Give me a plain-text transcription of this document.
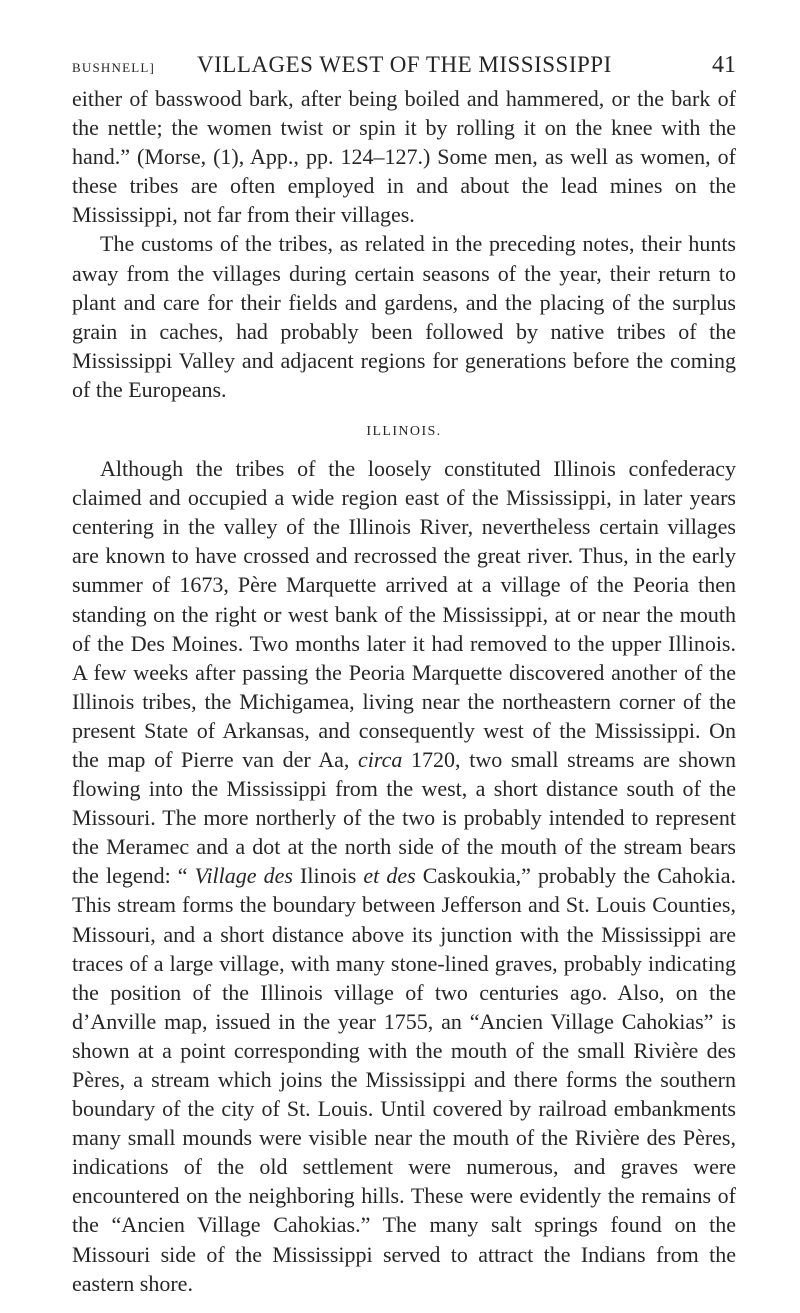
BUSHNELL] VILLAGES WEST OF THE MISSISSIPPI	41

either of basswood bark, after being boiled and hammered, or the bark of the nettle; the women twist or spin it by rolling it on the knee with the hand.” (Morse, (1), App., pp. 124–127.) Some men, as well as women, of these tribes are often employed in and about the lead mines on the Mississippi, not far from their villages.

The customs of the tribes, as related in the preceding notes, their hunts away from the villages during certain seasons of the year, their return to plant and care for their fields and gardens, and the placing of the surplus grain in caches, had probably been followed by native tribes of the Mississippi Valley and adjacent regions for generations before the coming of the Europeans.

ILLINOIS.

Although the tribes of the loosely constituted Illinois confederacy claimed and occupied a wide region east of the Mississippi, in later years centering in the valley of the Illinois River, nevertheless certain villages are known to have crossed and recrossed the great river. Thus, in the early summer of 1673, Père Marquette arrived at a village of the Peoria then standing on the right or west bank of the Mississippi, at or near the mouth of the Des Moines. Two months later it had removed to the upper Illinois. A few weeks after passing the Peoria Marquette discovered another of the Illinois tribes, the Michigamea, living near the northeastern corner of the present State of Arkansas, and consequently west of the Mississippi. On the map of Pierre van der Aa, circa 1720, two small streams are shown flowing into the Mississippi from the west, a short distance south of the Missouri. The more northerly of the two is probably intended to represent the Meramec and a dot at the north side of the mouth of the stream bears the legend: “ Village des Ilinois et des Caskoukia,” probably the Cahokia. This stream forms the boundary between Jefferson and St. Louis Counties, Missouri, and a short distance above its junction with the Mississippi are traces of a large village, with many stone-lined graves, probably indicating the position of the Illinois village of two centuries ago. Also, on the d’Anville map, issued in the year 1755, an “Ancien Village Cahokias” is shown at a point corresponding with the mouth of the small Rivière des Pères, a stream which joins the Mississippi and there forms the southern boundary of the city of St. Louis. Until covered by railroad embankments many small mounds were visible near the mouth of the Rivière des Pères, indications of the old settlement were numerous, and graves were encountered on the neighboring hills. These were evidently the remains of the “Ancien Village Cahokias.” The many salt springs found on the Missouri side of the Mississippi served to attract the Indians from the eastern shore.
